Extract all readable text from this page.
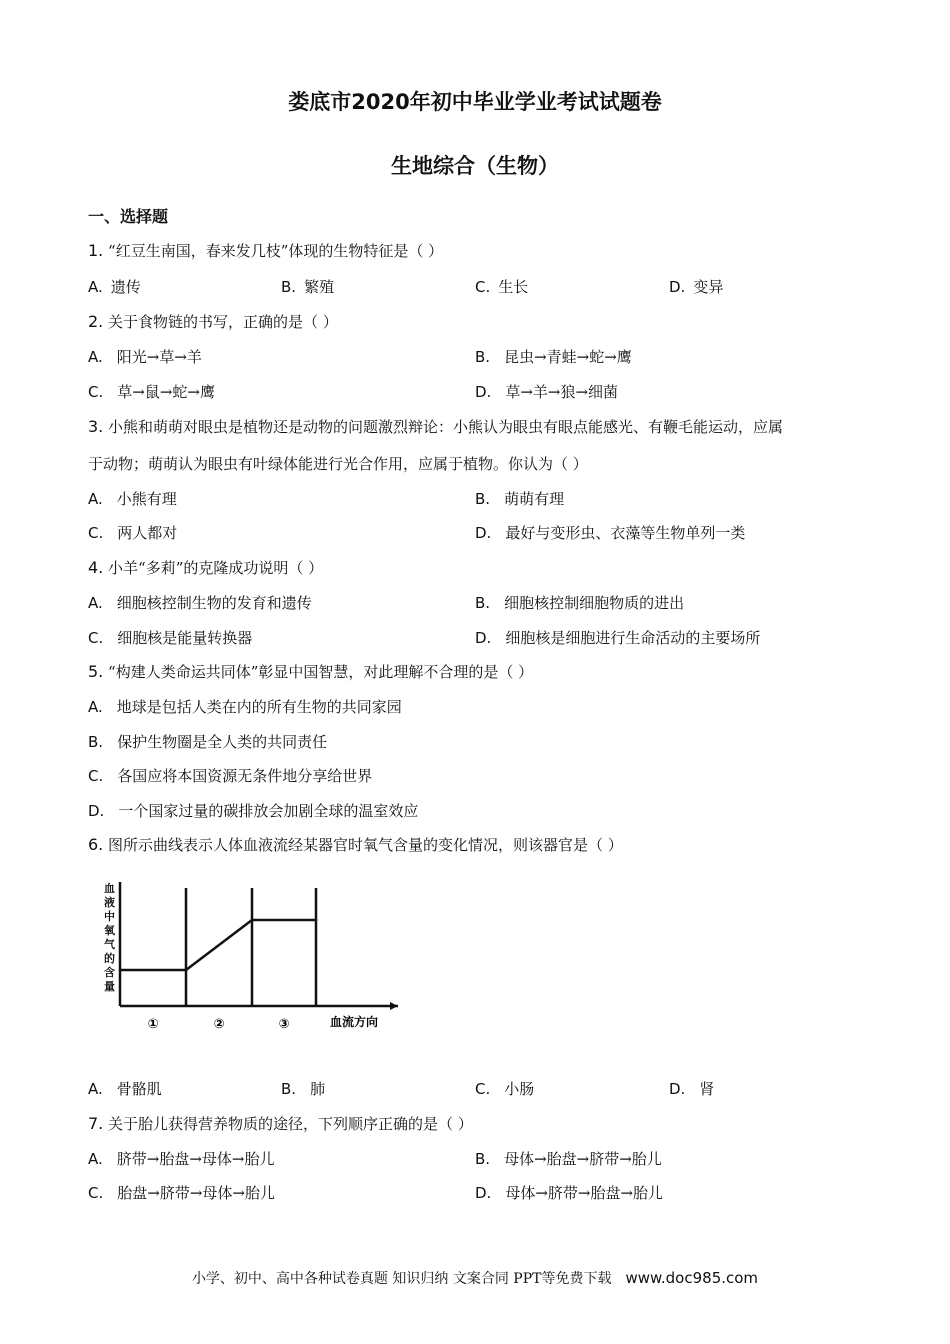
娄底市2020年初中毕业学业考试试题卷
生地综合（生物）
一、选择题
1. “红豆生南国，春来发几枝”体现的生物特征是（ ）
A. 遗传	B. 繁殖	C. 生长	D. 变异
2. 关于食物链的书写，正确的是（ ）
A. 阳光→草→羊	B. 昆虫→青蛙→蛇→鹰
C. 草→鼠→蛇→鹰	D. 草→羊→狼→细菌
3. 小熊和萌萌对眼虫是植物还是动物的问题激烈辩论：小熊认为眼虫有眼点能感光、有鞭毛能运动，应属
于动物；萌萌认为眼虫有叶绿体能进行光合作用，应属于植物。你认为（ ）
A. 小熊有理	B. 萌萌有理
C. 两人都对	D. 最好与变形虫、衣藻等生物单列一类
4. 小羊“多莉”的克隆成功说明（ ）
A. 细胞核控制生物的发育和遗传	B. 细胞核控制细胞物质的进出
C. 细胞核是能量转换器	D. 细胞核是细胞进行生命活动的主要场所
5. “构建人类命运共同体”彰显中国智慧，对此理解不合理的是（ ）
A. 地球是包括人类在内的所有生物的共同家园
B. 保护生物圈是全人类的共同责任
C. 各国应将本国资源无条件地分享给世界
D. 一个国家过量的碳排放会加剧全球的温室效应
6. 图所示曲线表示人体血液流经某器官时氧气含量的变化情况，则该器官是（ ）
血液中氧气的含量
①	②	③	血流方向
A. 骨骼肌	B. 肺	C. 小肠	D. 肾
7. 关于胎儿获得营养物质的途径，下列顺序正确的是（ ）
A. 脐带→胎盘→母体→胎儿	B. 母体→胎盘→脐带→胎儿
C. 胎盘→脐带→母体→胎儿	D. 母体→脐带→胎盘→胎儿
小学、初中、高中各种试卷真题 知识归纳 文案合同 PPT等免费下载 www.doc985.com
